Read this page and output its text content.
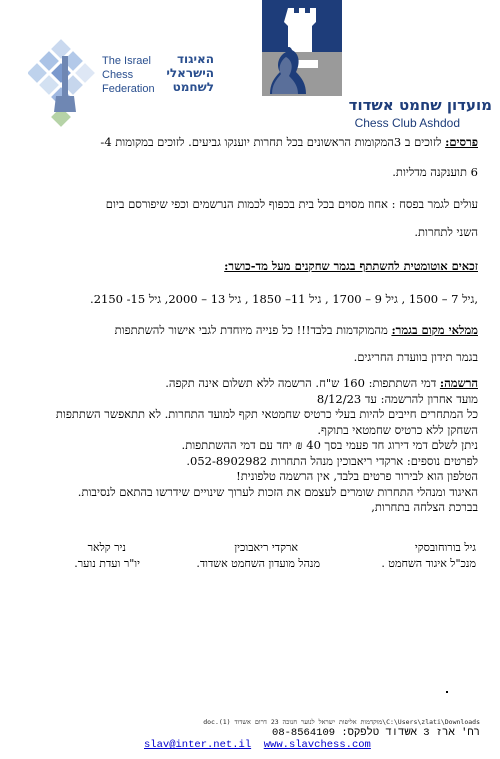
The Israel
Chess
Federation
האיגוד
הישראלי
לשחמט
מועדון שחמט אשדוד
Chess Club Ashdod
פרסים: לזוכים ב 3המקומות הראשונים בכל תחרות יוענקו גביעים. לזוכים במקומות 4-
6 תוענקנה מדליות.
עולים לגמר בפסח : אחוז מסוים בכל בית בכפוף לכמות הנרשמים וכפי שיפורסם ביום
השני לתחרות.
זכאים אוטומטית להשתתף בגמר שחקנים מעל מד-כושר:
,גיל 7 – 1500 , גיל 9 – 1700 , גיל 11– 1850 , גיל 13 – 2000, גיל 15- 2150.
ממלאי מקום בגמר: מהמוקדמות בלבד!!! כל פנייה מיוחדת לגבי אישור להשתתפות
בגמר תידון בוועדת החריגים.
הרשמה: דמי השתתפות: 160 ש"ח. הרשמה ללא תשלום אינה תקפה.
מועד אחרון להרשמה: עד 8/12/23
כל המתחרים חייבים להיות בעלי כרטיס שחמטאי תקף למועד התחרות. לא תתאפשר השתתפות
השחקן ללא כרטיס שחמטאי בתוקף.
ניתן לשלם דמי דירוג חד פעמי בסך 40 ₪ יחד עם דמי ההשתתפות.
לפרטים נוספים: ארקדי ריאבוכין מנהל התחרות 052-8902982.
הטלפון הוא לבירור פרטים בלבד, אין הרשמה טלפונית!
האיגוד ומנהלי התחרות שומרים לעצמם את הזכות לערוך שינויים שידרשו בהתאם לנסיבות.
בברכת הצלחה בתחרות,
גיל בורוחובסקי
מנכ"ל איגוד השחמט .
ארקדי ריאבוכין
מנהל מועדון השחמט אשדוד.
ניר קלאר
יו"ר ועדת נוער.
doc.(1) מוקדמות אליפות ישראל לנוער חנוכה 23 דרום אשדוד\C:\Users\zlati\Downloads
רח' ארז 3 אשדוד טלפקס: 08-8564109
slav@inter.net.il www.slavchess.com
